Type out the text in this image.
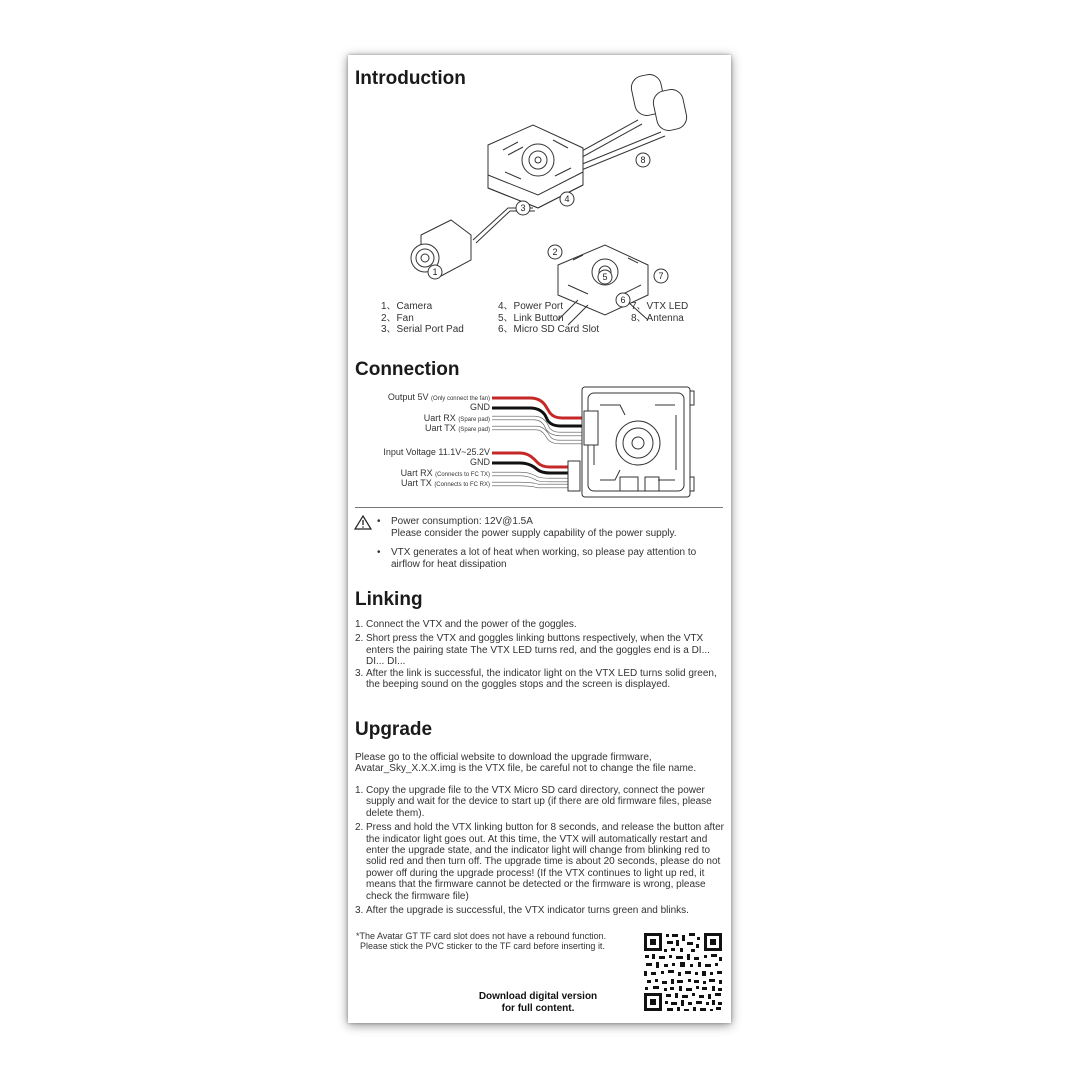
Introduction
2
3
4
1	5
6
7
8
1、Camera
2、Fan
3、Serial Port Pad
4、Power Port
5、Link Button
6、Micro SD Card Slot
7、VTX LED
8、Antenna
Connection
Output 5V (Only connect the fan)
GND
Uart RX (Spare pad)
Uart TX (Spare pad)
Input Voltage 11.1V~25.2V
GND
Uart RX (Connects to FC TX)
Uart TX (Connects to FC RX)
• Power consumption: 12V@1.5A
Please consider the power supply capability of the power supply.
• VTX generates a lot of heat when working, so please pay attention to airflow for heat dissipation
Linking
1. Connect the VTX and the power of the goggles.
2. Short press the VTX and goggles linking buttons respectively, when the VTX enters the pairing state The VTX LED turns red, and the goggles end is a DI... DI... DI...
3. After the link is successful, the indicator light on the VTX LED turns solid green, the beeping sound on the goggles stops and the screen is displayed.
Upgrade
Please go to the official website to download the upgrade firmware, Avatar_Sky_X.X.X.img is the VTX file, be careful not to change the file name.
1. Copy the upgrade file to the VTX Micro SD card directory, connect the power supply and wait for the device to start up (if there are old firmware files, please delete them).
2. Press and hold the VTX linking button for 8 seconds, and release the button after the indicator light goes out. At this time, the VTX will automatically restart and enter the upgrade state, and the indicator light will change from blinking red to solid red and then turn off. The upgrade time is about 20 seconds, please do not power off during the upgrade process! (If the VTX continues to light up red, it means that the firmware cannot be detected or the firmware is wrong, please check the firmware file)
3. After the upgrade is successful, the VTX indicator turns green and blinks.
*The Avatar GT TF card slot does not have a rebound function.
Please stick the PVC sticker to the TF card before inserting it.
Download digital version
for full content.
